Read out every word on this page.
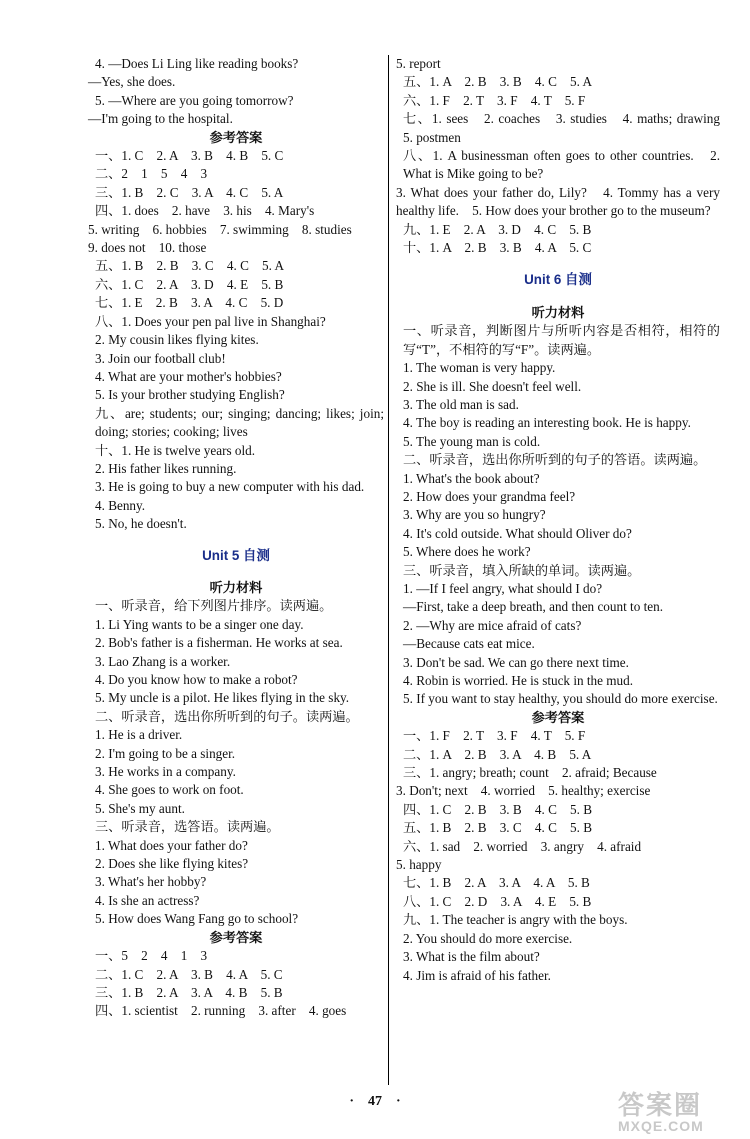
4. —Does Li Ling like reading books?
—Yes, she does.
5. —Where are you going tomorrow?
—I'm going to the hospital.
参考答案
一、1. C　2. A　3. B　4. B　5. C
二、2　1　5　4　3
三、1. B　2. C　3. A　4. C　5. A
四、1. does　2. have　3. his　4. Mary's
5. writing　6. hobbies　7. swimming　8. studies
9. does not　10. those
五、1. B　2. B　3. C　4. C　5. A
六、1. C　2. A　3. D　4. E　5. B
七、1. E　2. B　3. A　4. C　5. D
八、1. Does your pen pal live in Shanghai?
2. My cousin likes flying kites.
3. Join our football club!
4. What are your mother's hobbies?
5. Is your brother studying English?
九、are; students; our; singing; dancing; likes; join; doing; stories; cooking; lives
十、1. He is twelve years old.
2. His father likes running.
3. He is going to buy a new computer with his dad.
4. Benny.
5. No, he doesn't.
Unit 5 自测
听力材料
一、听录音，给下列图片排序。读两遍。
1. Li Ying wants to be a singer one day.
2. Bob's father is a fisherman. He works at sea.
3. Lao Zhang is a worker.
4. Do you know how to make a robot?
5. My uncle is a pilot. He likes flying in the sky.
二、听录音，选出你所听到的句子。读两遍。
1. He is a driver.
2. I'm going to be a singer.
3. He works in a company.
4. She goes to work on foot.
5. She's my aunt.
三、听录音，选答语。读两遍。
1. What does your father do?
2. Does she like flying kites?
3. What's her hobby?
4. Is she an actress?
5. How does Wang Fang go to school?
参考答案
一、5　2　4　1　3
二、1. C　2. A　3. B　4. A　5. C
三、1. B　2. A　3. A　4. B　5. B
四、1. scientist　2. running　3. after　4. goes
5. report
五、1. A　2. B　3. B　4. C　5. A
六、1. F　2. T　3. F　4. T　5. F
七、1. sees　2. coaches　3. studies　4. maths; drawing　5. postmen
八、1. A businessman often goes to other countries.　2. What is Mike going to be?
3. What does your father do, Lily?　4. Tommy has a very healthy life.　5. How does your brother go to the museum?
九、1. E　2. A　3. D　4. C　5. B
十、1. A　2. B　3. B　4. A　5. C
Unit 6 自测
听力材料
一、听录音，判断图片与所听内容是否相符，相符的写“T”，不相符的写“F”。读两遍。
1. The woman is very happy.
2. She is ill. She doesn't feel well.
3. The old man is sad.
4. The boy is reading an interesting book. He is happy.
5. The young man is cold.
二、听录音，选出你所听到的句子的答语。读两遍。
1. What's the book about?
2. How does your grandma feel?
3. Why are you so hungry?
4. It's cold outside. What should Oliver do?
5. Where does he work?
三、听录音，填入所缺的单词。读两遍。
1. —If I feel angry, what should I do?
—First, take a deep breath, and then count to ten.
2. —Why are mice afraid of cats?
—Because cats eat mice.
3. Don't be sad. We can go there next time.
4. Robin is worried. He is stuck in the mud.
5. If you want to stay healthy, you should do more exercise.
参考答案
一、1. F　2. T　3. F　4. T　5. F
二、1. A　2. B　3. A　4. B　5. A
三、1. angry; breath; count　2. afraid; Because
3. Don't; next　4. worried　5. healthy; exercise
四、1. C　2. B　3. B　4. C　5. B
五、1. B　2. B　3. C　4. C　5. B
六、1. sad　2. worried　3. angry　4. afraid
5. happy
七、1. B　2. A　3. A　4. A　5. B
八、1. C　2. D　3. A　4. E　5. B
九、1. The teacher is angry with the boys.
2. You should do more exercise.
3. What is the film about?
4. Jim is afraid of his father.
·　47　·	答案圈
MXQE.COM
